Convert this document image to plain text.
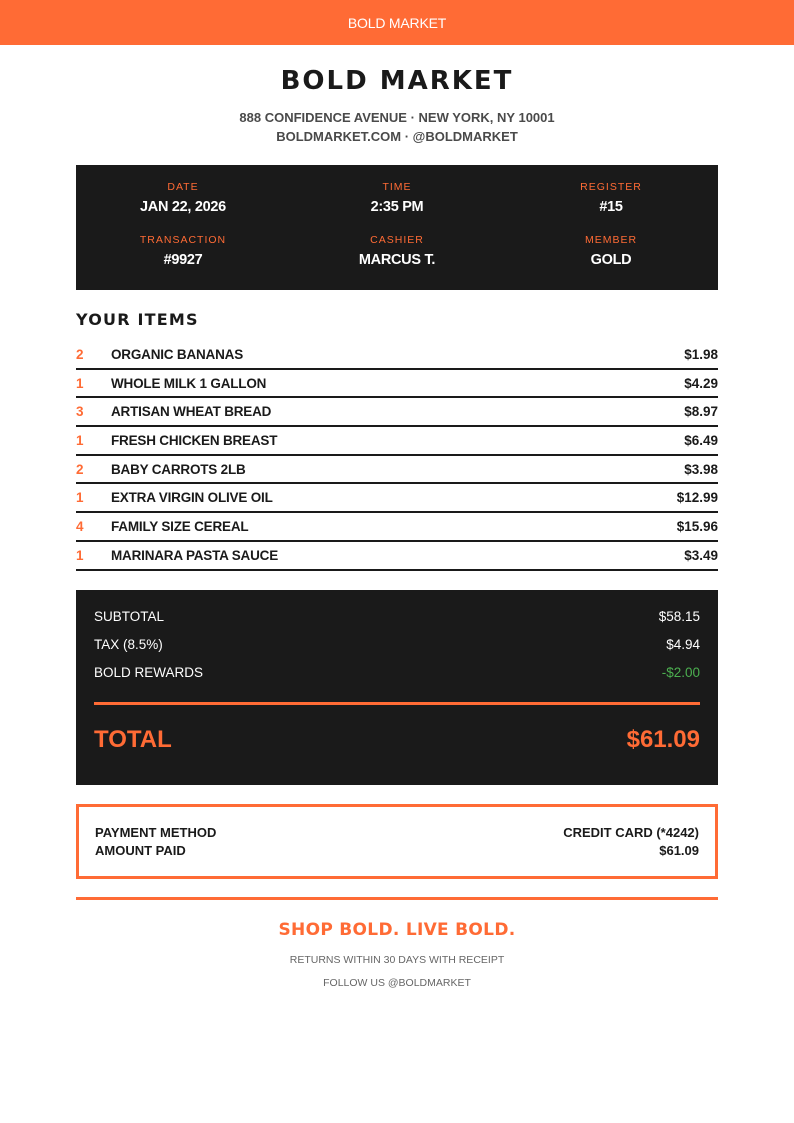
BOLD MARKET
BOLD MARKET
888 CONFIDENCE AVENUE · NEW YORK, NY 10001
BOLDMARKET.COM · @BOLDMARKET
DATE
JAN 22, 2026
TIME
2:35 PM
REGISTER
#15
TRANSACTION
#9927
CASHIER
MARCUS T.
MEMBER
GOLD
YOUR ITEMS
2	ORGANIC BANANAS	$1.98
1	WHOLE MILK 1 GALLON	$4.29
3	ARTISAN WHEAT BREAD	$8.97
1	FRESH CHICKEN BREAST	$6.49
2	BABY CARROTS 2LB	$3.98
1	EXTRA VIRGIN OLIVE OIL	$12.99
4	FAMILY SIZE CEREAL	$15.96
1	MARINARA PASTA SAUCE	$3.49
SUBTOTAL	$58.15
TAX (8.5%)	$4.94
BOLD REWARDS	-$2.00
TOTAL	$61.09
PAYMENT METHOD	CREDIT CARD (*4242)
AMOUNT PAID	$61.09
SHOP BOLD. LIVE BOLD.
RETURNS WITHIN 30 DAYS WITH RECEIPT
FOLLOW US @BOLDMARKET
